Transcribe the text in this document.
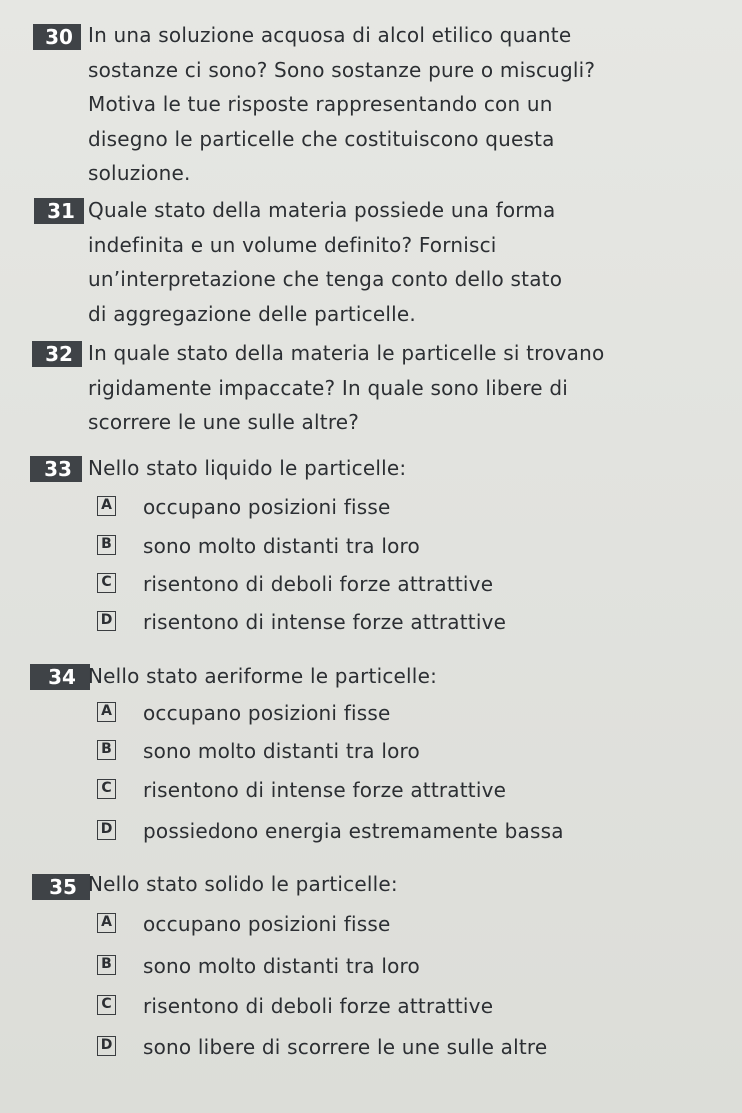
30 In una soluzione acquosa di alcol etilico quante
sostanze ci sono? Sono sostanze pure o miscugli?
Motiva le tue risposte rappresentando con un
disegno le particelle che costituiscono questa
soluzione.
31 Quale stato della materia possiede una forma
indefinita e un volume definito? Fornisci
un’interpretazione che tenga conto dello stato
di aggregazione delle particelle.
32 In quale stato della materia le particelle si trovano
rigidamente impaccate? In quale sono libere di
scorrere le une sulle altre?
33 Nello stato liquido le particelle:
A occupano posizioni fisse
B sono molto distanti tra loro
C risentono di deboli forze attrattive
D risentono di intense forze attrattive
34 Nello stato aeriforme le particelle:
A occupano posizioni fisse
B sono molto distanti tra loro
C risentono di intense forze attrattive
D possiedono energia estremamente bassa
35 Nello stato solido le particelle:
A occupano posizioni fisse
B sono molto distanti tra loro
C risentono di deboli forze attrattive
D sono libere di scorrere le une sulle altre
